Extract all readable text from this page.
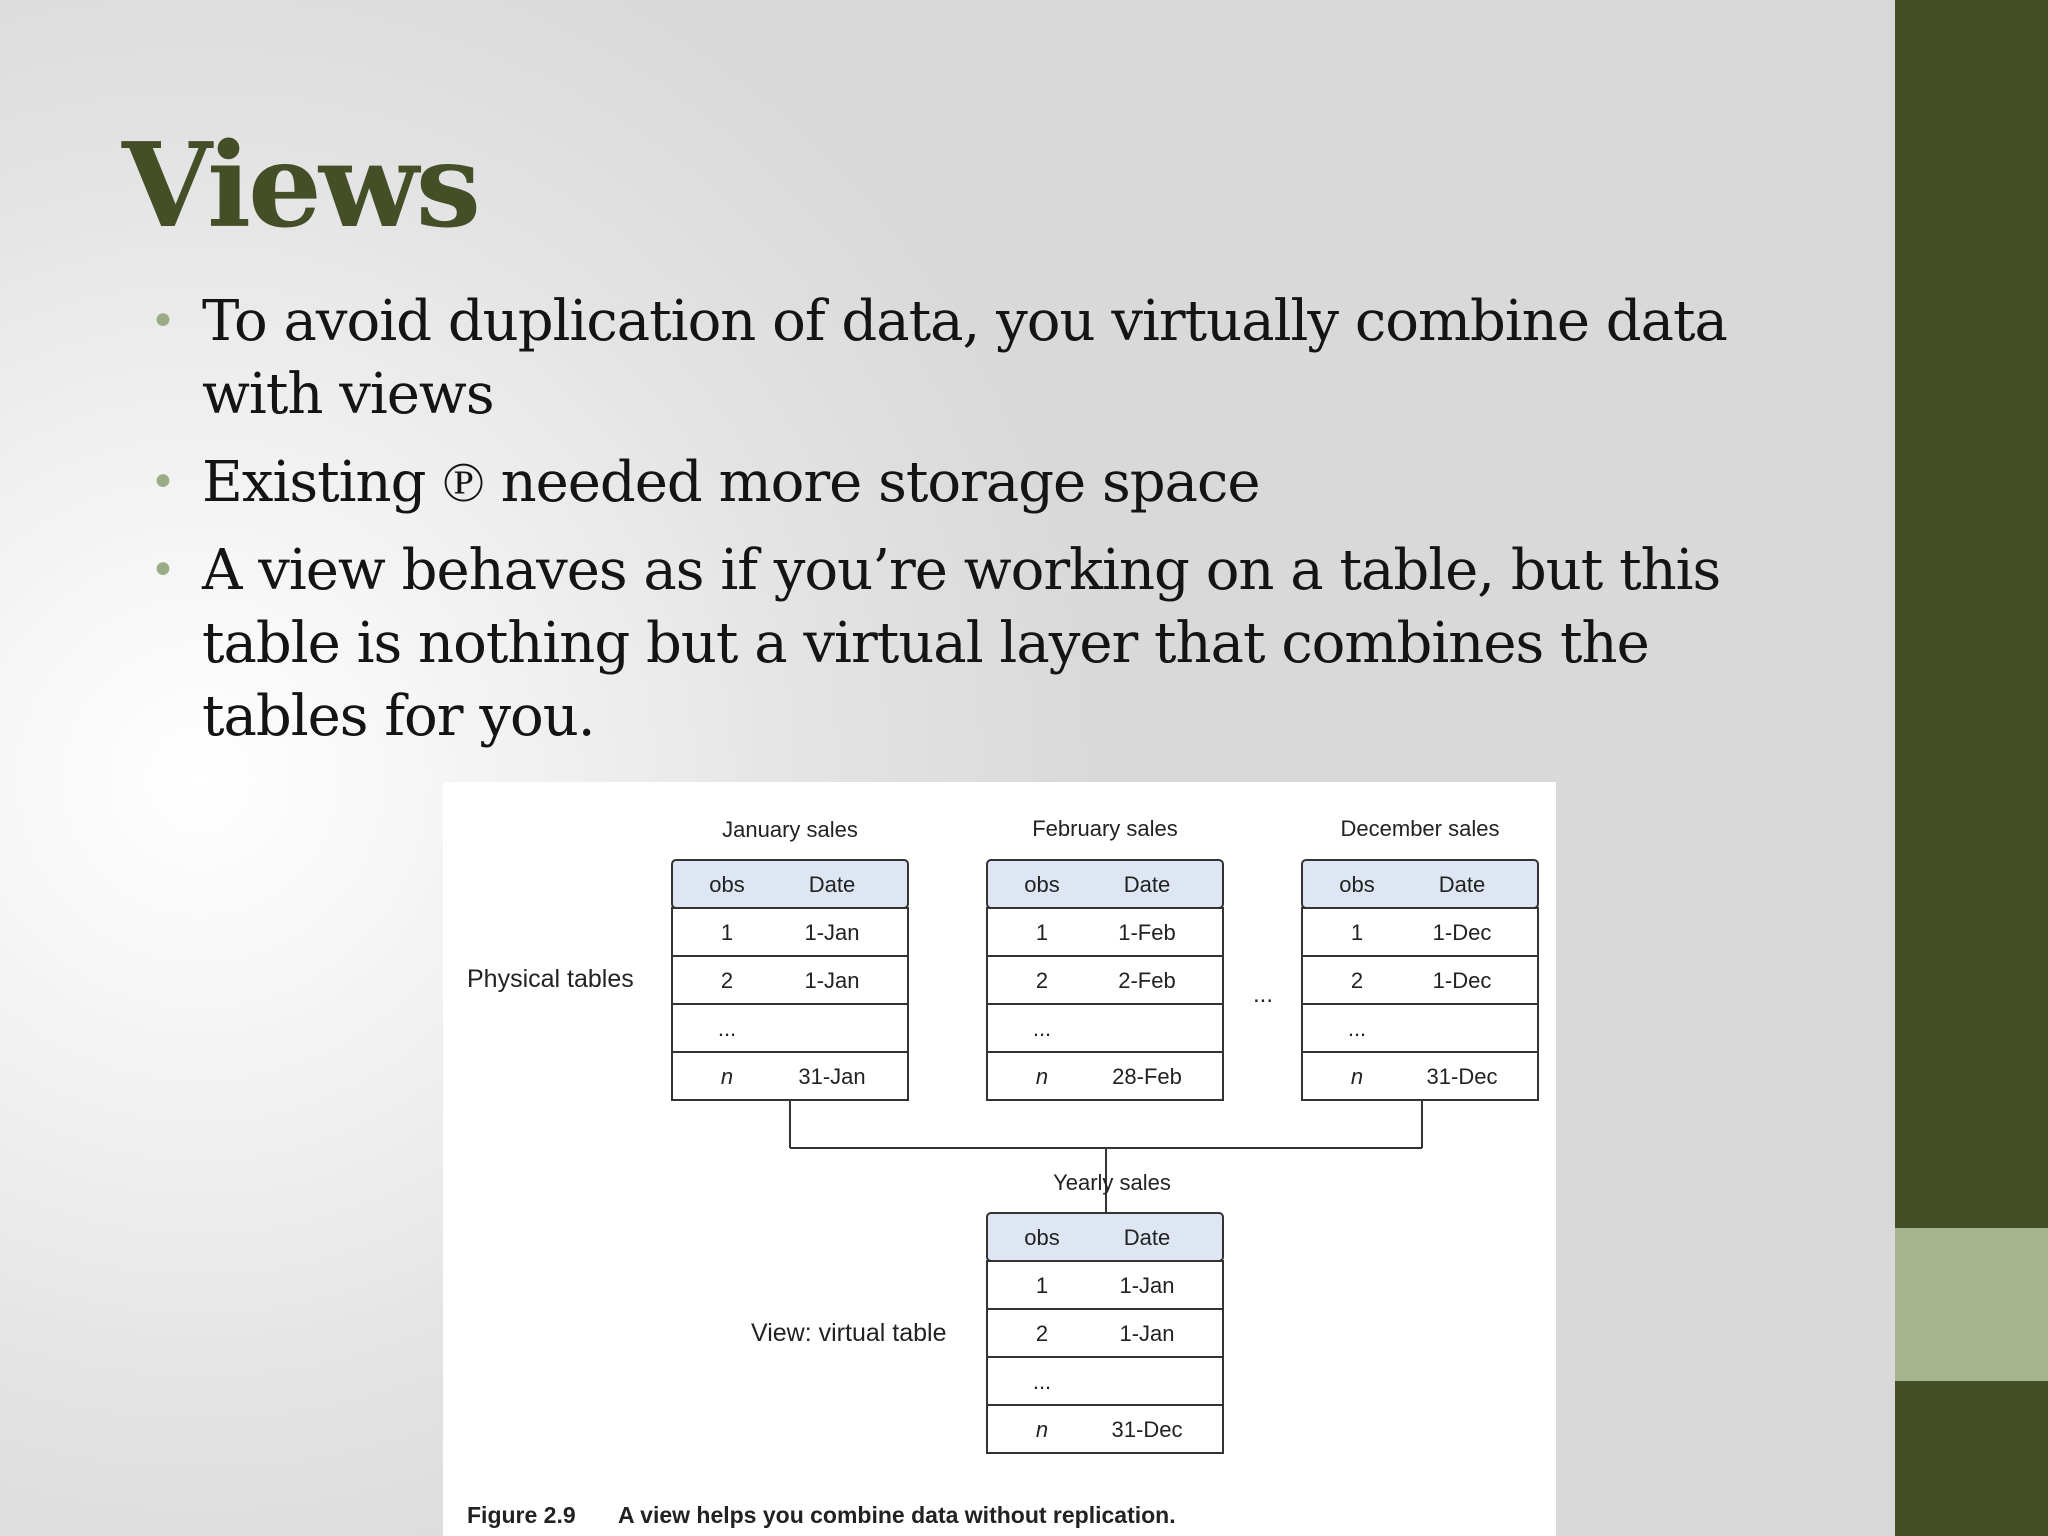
Views
• To avoid duplication of data, you virtually combine data with views
• Existing ℗ needed more storage space
• A view behaves as if you’re working on a table, but this table is nothing but a virtual layer that combines the tables for you.
Physical tables
View: virtual table
...
Figure 2.9 A view helps you combine data without replication.
January sales
obs	Date
1	1-Jan
2	1-Jan
...
n	31-Jan
February sales
obs	Date
1	1-Feb
2	2-Feb
...
n	28-Feb
December sales
obs	Date
1	1-Dec
2	1-Dec
...
n	31-Dec
Yearly sales
obs	Date
1	1-Jan
2	1-Jan
...
n	31-Dec
